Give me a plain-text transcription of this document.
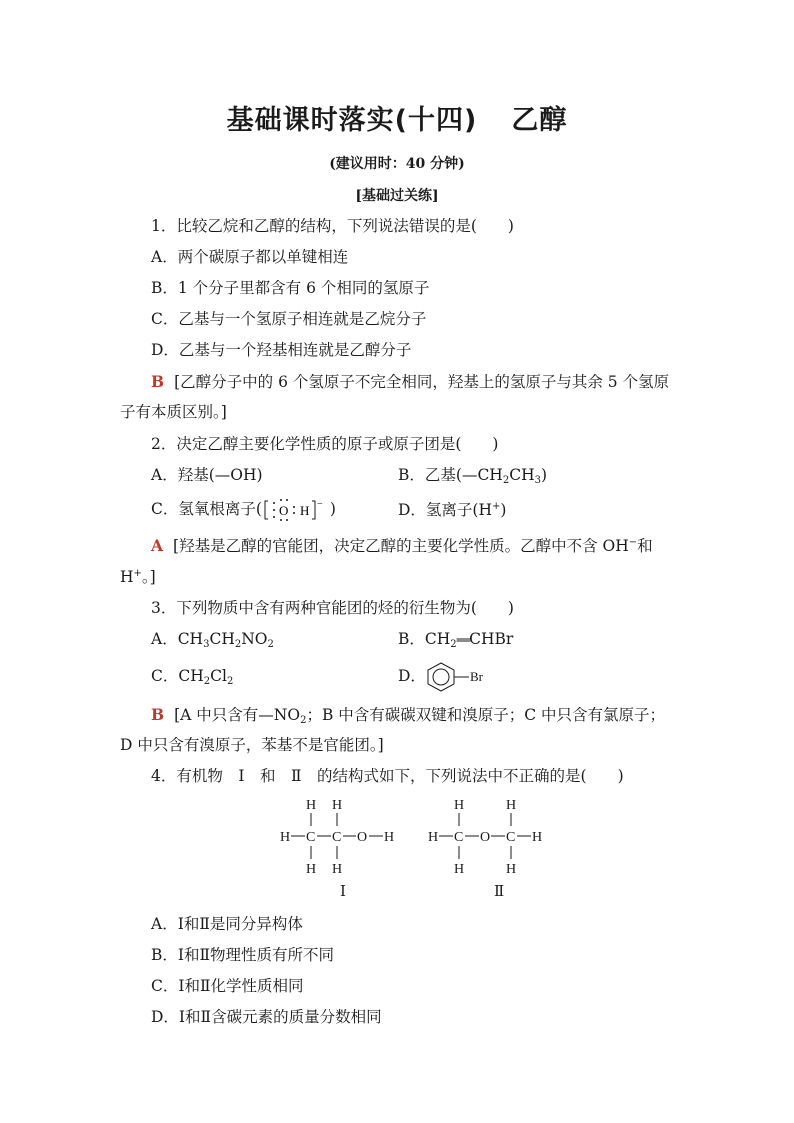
基础课时落实(十四) 乙醇
(建议用时：40 分钟)
[基础过关练]
1．比较乙烷和乙醇的结构，下列说法错误的是(　　)
A．两个碳原子都以单键相连
B．1 个分子里都含有 6 个相同的氢原子
C．乙基与一个氢原子相连就是乙烷分子
D．乙基与一个羟基相连就是乙醇分子
B [乙醇分子中的 6 个氢原子不完全相同，羟基上的氢原子与其余 5 个氢原
子有本质区别。]
2．决定乙醇主要化学性质的原子或原子团是(　　)
A．羟基(—OH)	B．乙基$(—CH_2CH_3)$
C．氢氧根离子( O H − )	D．氢离子(H+)
A [羟基是乙醇的官能团，决定乙醇的主要化学性质。乙醇中不含 OH−和
H+。]
3．下列物质中含有两种官能团的烃的衍生物为(　　)
A．$CH_3CH_2NO_2$	B．$CH_2══CHBr$
C．$CH_2Cl_2$	D．	Br
B [A 中只含有$—NO_2$；B 中含有碳碳双键和溴原子；C 中只含有氯原子；
D 中只含有溴原子，苯基不是官能团。]
4．有机物　Ⅰ　和　Ⅱ　的结构式如下，下列说法中不正确的是(　　)
H H
H C C O H
H H
Ⅰ
H	H
H C O C H
H	H
Ⅱ
A．Ⅰ和Ⅱ是同分异构体
B．Ⅰ和Ⅱ物理性质有所不同
C．Ⅰ和Ⅱ化学性质相同
D．Ⅰ和Ⅱ含碳元素的质量分数相同
